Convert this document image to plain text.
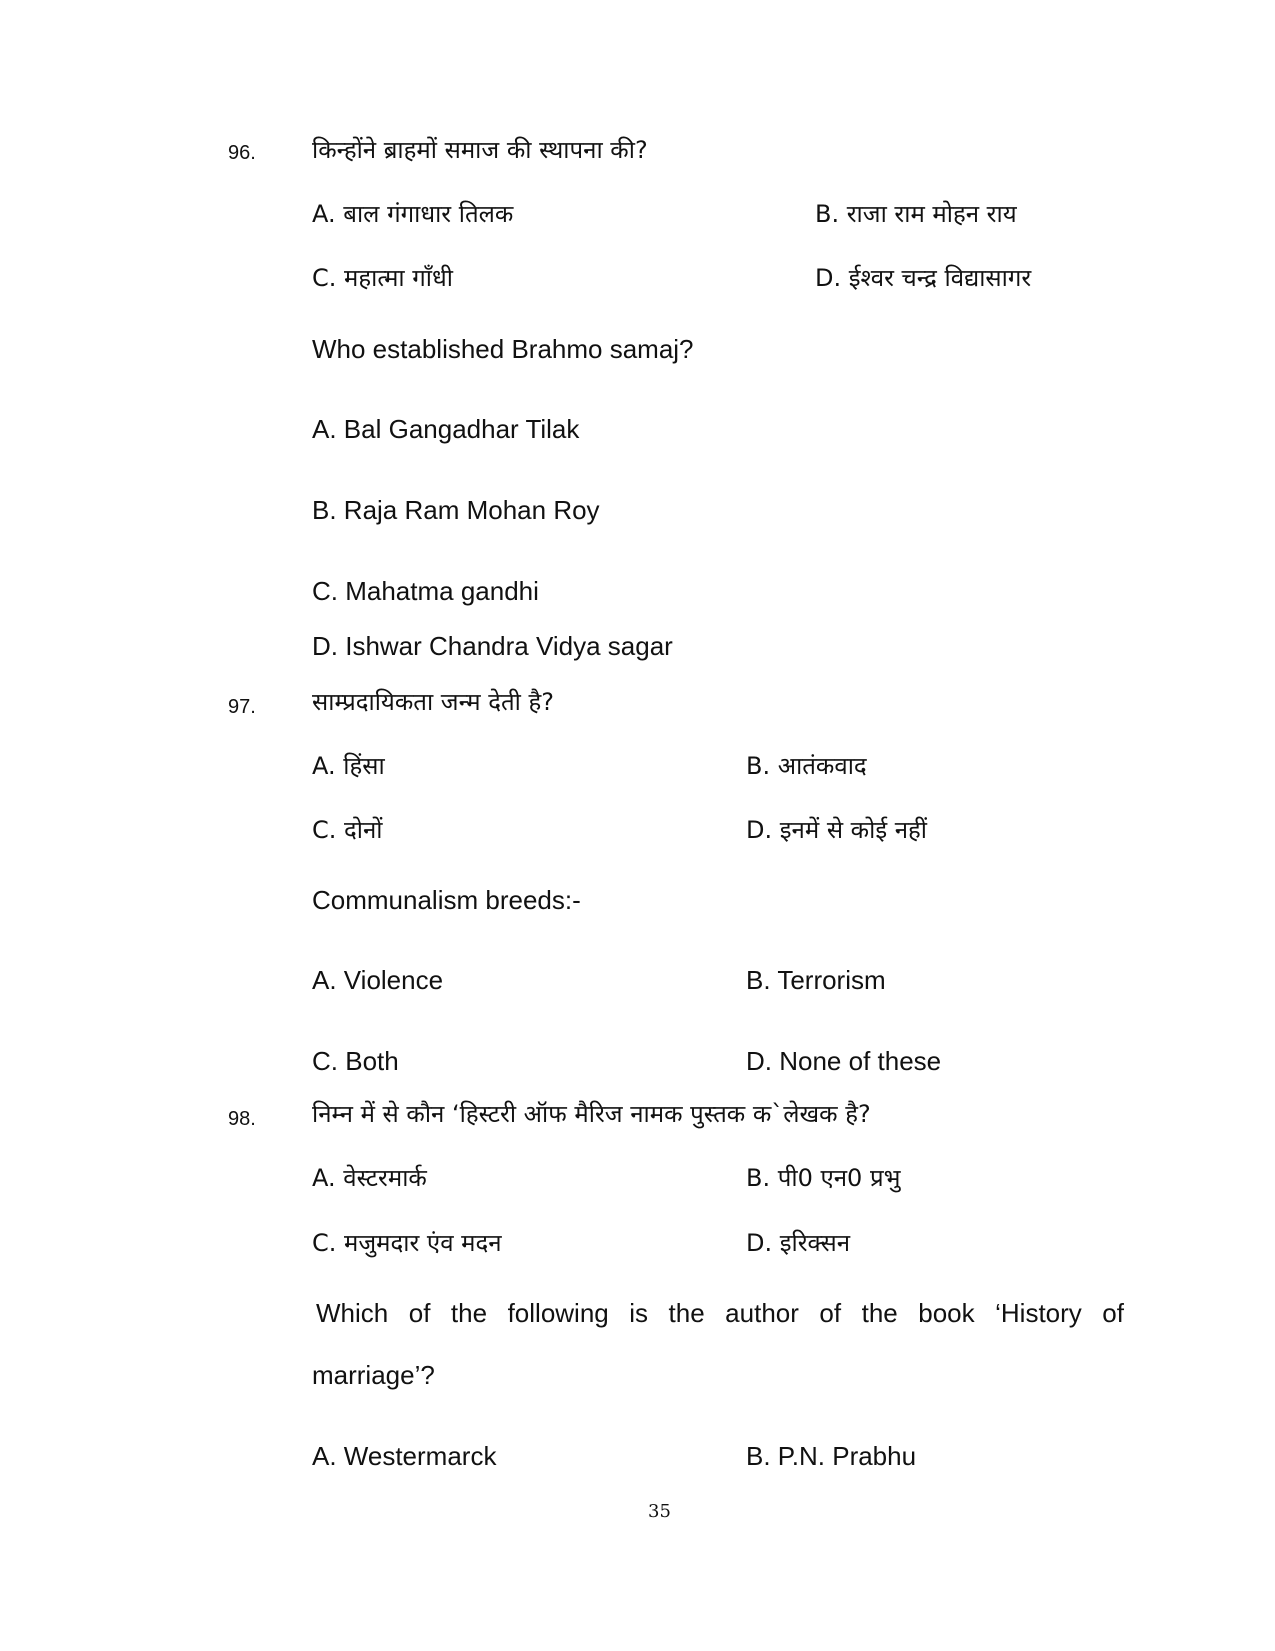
96. किन्होंने ब्राहमों समाज की स्थापना की?
A. बाल गंगाधार तिलक	B. राजा राम मोहन राय
C. महात्मा गाँधी	D. ईश्वर चन्द्र विद्यासागर
Who established Brahmo samaj?
A. Bal Gangadhar Tilak
B. Raja Ram Mohan Roy
C. Mahatma gandhi
D. Ishwar Chandra Vidya sagar
97. साम्प्रदायिकता जन्म देती है?
A. हिंसा	B. आतंकवाद
C. दोनों	D. इनमें से कोई नहीं
Communalism breeds:-
A. Violence	B. Terrorism
C. Both	D. None of these
98. निम्न में से कौन ‘हिस्टरी ऑफ मैरिज नामक पुस्तक क`लेखक है?
A. वेस्टरमार्क	B. पी0 एन0 प्रभु
C. मजुमदार एंव मदन	D. इरिक्सन
Which of the following is the author of the book ‘History of
marriage’?
A. Westermarck	B. P.N. Prabhu
35
